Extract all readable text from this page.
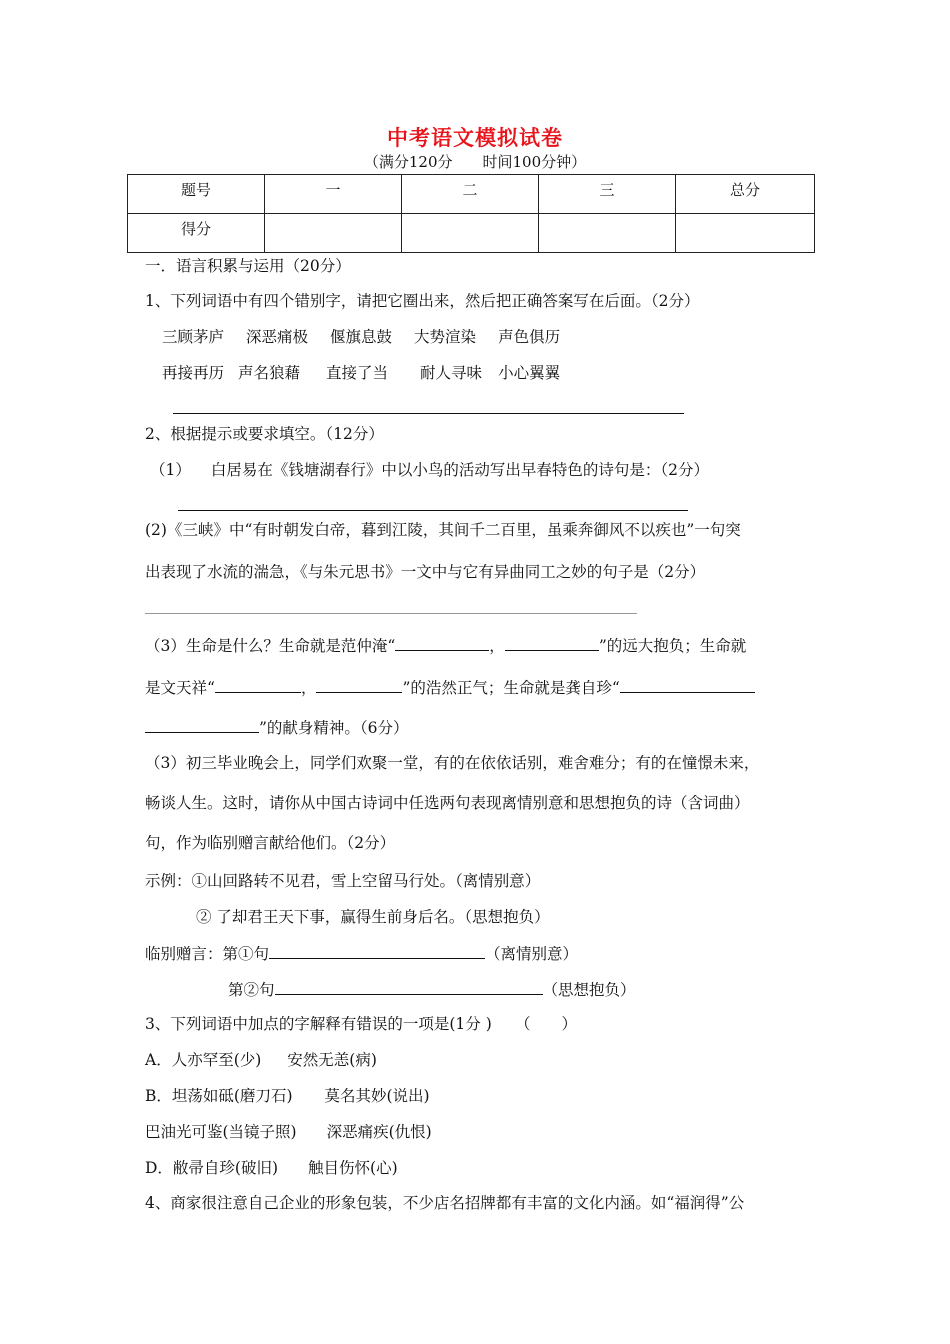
中考语文模拟试卷
（满分120分　　时间100分钟）
题号	一	二	三	总分
得分				
一．语言积累与运用（20分）
1、下列词语中有四个错别字，请把它圈出来，然后把正确答案写在后面。（2分）
三顾茅庐 深恶痛极 偃旗息鼓 大势渲染 声色俱历
再接再历 声名狼藉 直接了当 耐人寻味 小心翼翼
2、根据提示或要求填空。（12分）
（1） 白居易在《钱塘湖春行》中以小鸟的活动写出早春特色的诗句是：（2分）
(2)《三峡》中“有时朝发白帝，暮到江陵，其间千二百里，虽乘奔御风不以疾也”一句突
出表现了水流的湍急，《与朱元思书》一文中与它有异曲同工之妙的句子是（2分）
（3）生命是什么？生命就是范仲淹“	，	”的远大抱负；生命就
是文天祥“	，	”的浩然正气；生命就是龚自珍“
”的献身精神。（6分）
（3）初三毕业晚会上，同学们欢聚一堂，有的在依依话别，难舍难分；有的在憧憬未来，
畅谈人生。这时，请你从中国古诗词中任选两句表现离情别意和思想抱负的诗（含词曲）
句，作为临别赠言献给他们。（2分）
示例：①山回路转不见君，雪上空留马行处。（离情别意）
② 了却君王天下事，赢得生前身后名。（思想抱负）
临别赠言：第①句	（离情别意）
第②句	（思想抱负）
3、下列词语中加点的字解释有错误的一项是(1分 )　　（　　）
A．人亦罕至(少) 安然无恙(病)
B．坦荡如砥(磨刀石) 莫名其妙(说出)
巴油光可鉴(当镜子照) 深恶痛疾(仇恨)
D．敝帚自珍(破旧) 触目伤怀(心)
4、商家很注意自己企业的形象包装，不少店名招牌都有丰富的文化内涵。如“福润得”公
